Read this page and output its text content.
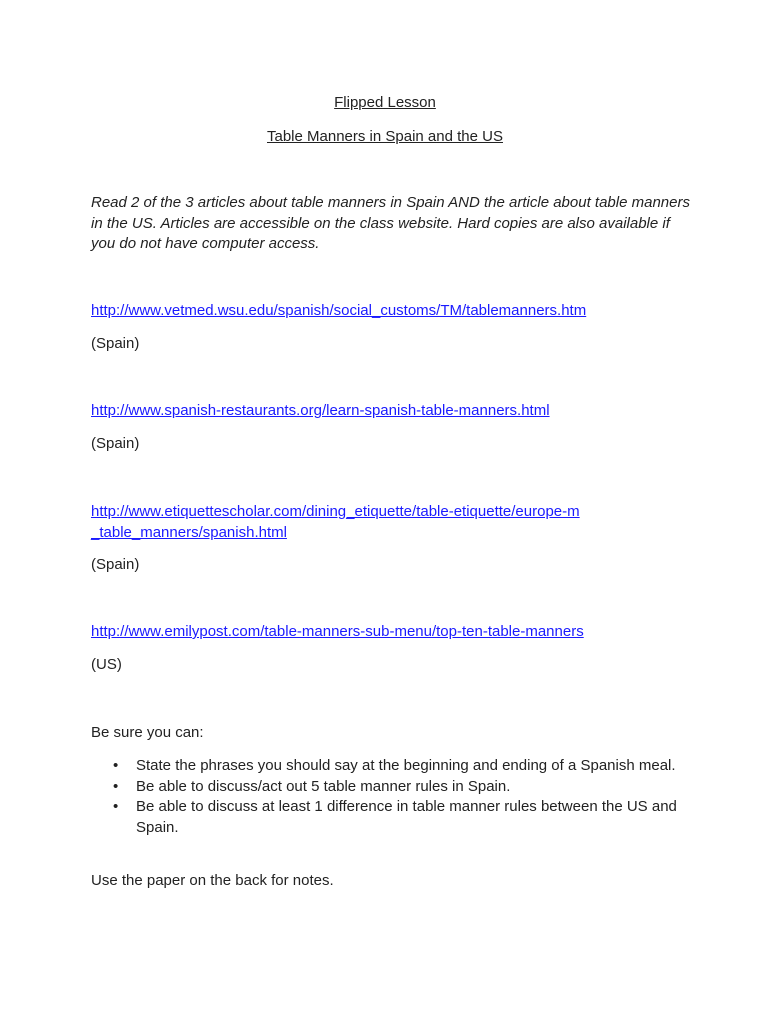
Flipped Lesson
Table Manners in Spain and the US
Read 2 of the 3 articles about table manners in Spain AND the article about table manners in the US. Articles are accessible on the class website. Hard copies are also available if you do not have computer access.
http://www.vetmed.wsu.edu/spanish/social_customs/TM/tablemanners.htm
(Spain)
http://www.spanish-restaurants.org/learn-spanish-table-manners.html
(Spain)
http://www.etiquettescholar.com/dining_etiquette/table-etiquette/europe-m_table_manners/spanish.html
(Spain)
http://www.emilypost.com/table-manners-sub-menu/top-ten-table-manners
(US)
Be sure you can:
• State the phrases you should say at the beginning and ending of a Spanish meal.
• Be able to discuss/act out 5 table manner rules in Spain.
• Be able to discuss at least 1 difference in table manner rules between the US and Spain.
Use the paper on the back for notes.
